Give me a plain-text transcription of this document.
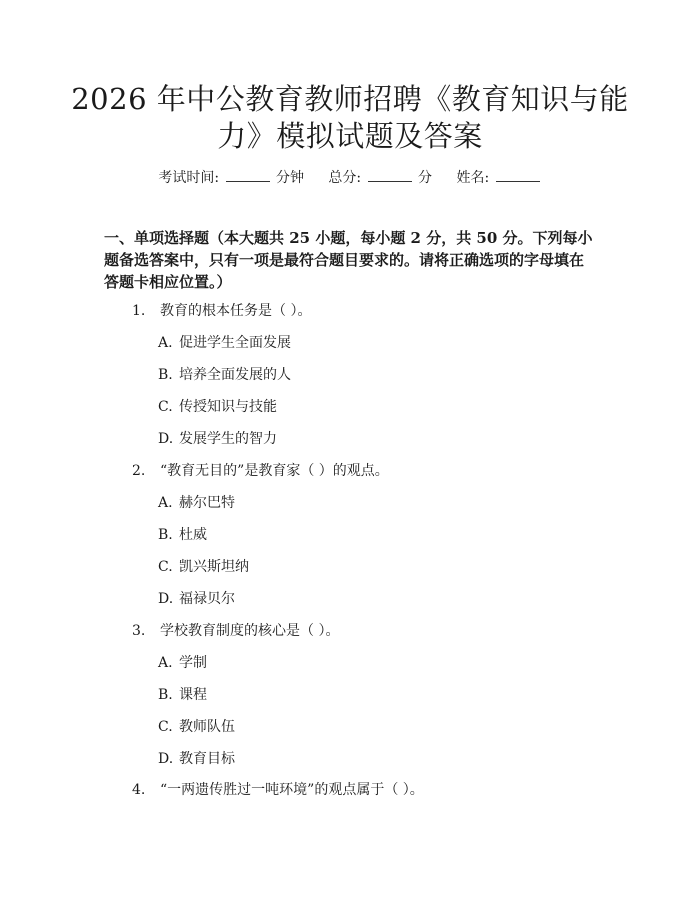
2026 年中公教育教师招聘《教育知识与能
力》模拟试题及答案
考试时间:	分钟 总分:	分 姓名:

一、单项选择题（本大题共 25 小题，每小题 2 分，共 50 分。下列每小题备选答案中，只有一项是最符合题目要求的。请将正确选项的字母填在答题卡相应位置。）

1. 教育的根本任务是（ ）。
A. 促进学生全面发展
B. 培养全面发展的人
C. 传授知识与技能
D. 发展学生的智力
2. “教育无目的”是教育家（ ）的观点。
A. 赫尔巴特
B. 杜威
C. 凯兴斯坦纳
D. 福禄贝尔
3. 学校教育制度的核心是（ ）。
A. 学制
B. 课程
C. 教师队伍
D. 教育目标
4. “一两遗传胜过一吨环境”的观点属于（ ）。
